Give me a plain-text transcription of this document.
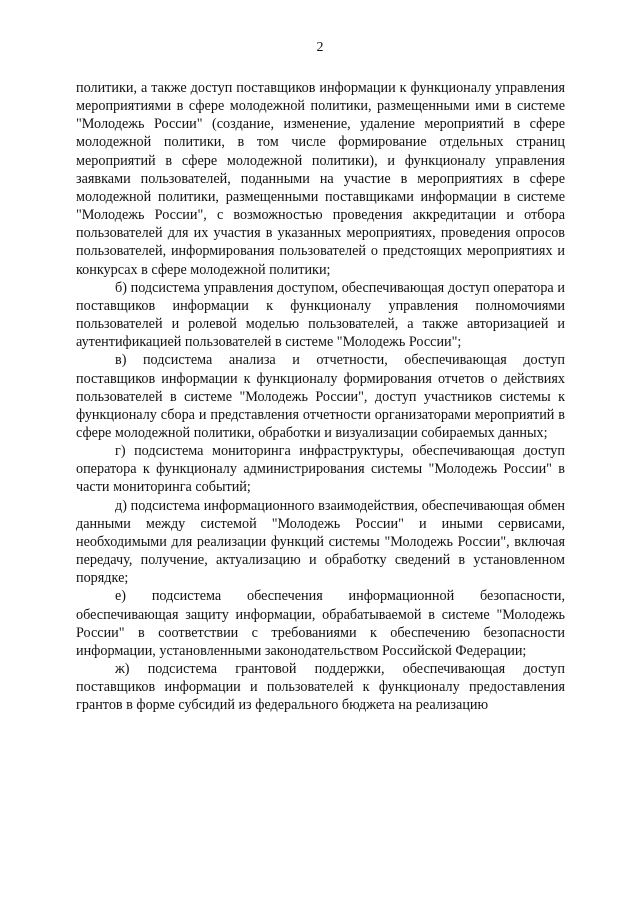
2

политики, а также доступ поставщиков информации к функционалу управления мероприятиями в сфере молодежной политики, размещенными ими в системе "Молодежь России" (создание, изменение, удаление мероприятий в сфере молодежной политики, в том числе формирование отдельных страниц мероприятий в сфере молодежной политики), и функционалу управления заявками пользователей, поданными на участие в мероприятиях в сфере молодежной политики, размещенными поставщиками информации в системе "Молодежь России", с возможностью проведения аккредитации и отбора пользователей для их участия в указанных мероприятиях, проведения опросов пользователей, информирования пользователей о предстоящих мероприятиях и конкурсах в сфере молодежной политики;

б) подсистема управления доступом, обеспечивающая доступ оператора и поставщиков информации к функционалу управления полномочиями пользователей и ролевой моделью пользователей, а также авторизацией и аутентификацией пользователей в системе "Молодежь России";

в) подсистема анализа и отчетности, обеспечивающая доступ поставщиков информации к функционалу формирования отчетов о действиях пользователей в системе "Молодежь России", доступ участников системы к функционалу сбора и представления отчетности организаторами мероприятий в сфере молодежной политики, обработки и визуализации собираемых данных;

г) подсистема мониторинга инфраструктуры, обеспечивающая доступ оператора к функционалу администрирования системы "Молодежь России" в части мониторинга событий;

д) подсистема информационного взаимодействия, обеспечивающая обмен данными между системой "Молодежь России" и иными сервисами, необходимыми для реализации функций системы "Молодежь России", включая передачу, получение, актуализацию и обработку сведений в установленном порядке;

е) подсистема обеспечения информационной безопасности, обеспечивающая защиту информации, обрабатываемой в системе "Молодежь России" в соответствии с требованиями к обеспечению безопасности информации, установленными законодательством Российской Федерации;

ж) подсистема грантовой поддержки, обеспечивающая доступ поставщиков информации и пользователей к функционалу предоставления грантов в форме субсидий из федерального бюджета на реализацию
